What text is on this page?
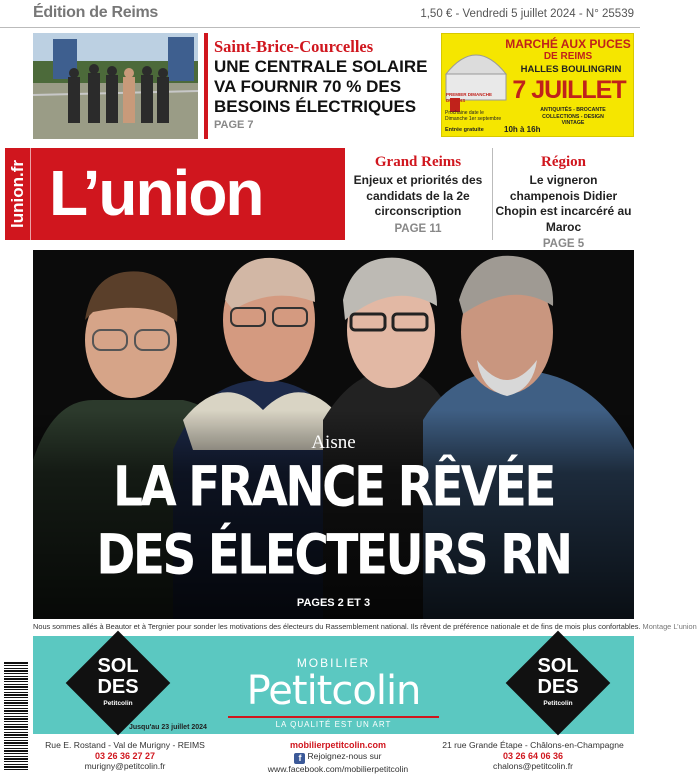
Édition de Reims	1,50 € - Vendredi 5 juillet 2024 - N° 25539
Saint-Brice-Courcelles
UNE CENTRALE SOLAIRE VA FOURNIR 70 % DES BESOINS ÉLECTRIQUES
PAGE 7
MARCHÉ AUX PUCES
DE REIMS
HALLES BOULINGRIN
PREMIER DIMANCHE DU MOIS	7 JUILLET
ANTIQUITÉS - BROCANTE COLLECTIONS - DESIGN VINTAGE
Prochaine date le Dimanche 1er septembre
Entrée gratuite	10h à 16h
lunion.fr L’union	Grand Reims
Enjeux et priorités des candidats de la 2e circonscription
PAGE 11
Région
Le vigneron champenois Didier Chopin est incarcéré au Maroc
PAGE 5
Aisne
LA FRANCE RÊVÉE
DES ÉLECTEURS RN
PAGES 2 ET 3
Nous sommes allés à Beautor et à Tergnier pour sonder les motivations des électeurs du Rassemblement national. Ils rêvent de préférence nationale et de fins de mois plus confortables. Montage L’union
SOL
DES
Petitcolin
SOL
DES
Petitcolin
Jusqu'au 23 juillet 2024
MOBILIER
Petitcolin
LA QUALITÉ EST UN ART
Rue E. Rostand - Val de Murigny - REIMS
03 26 36 27 27
murigny@petitcolin.fr
mobilierpetitcolin.com
f Rejoignez-nous sur
www.facebook.com/mobilierpetitcolin
21 rue Grande Étape - Châlons-en-Champagne
03 26 64 06 36
chalons@petitcolin.fr
